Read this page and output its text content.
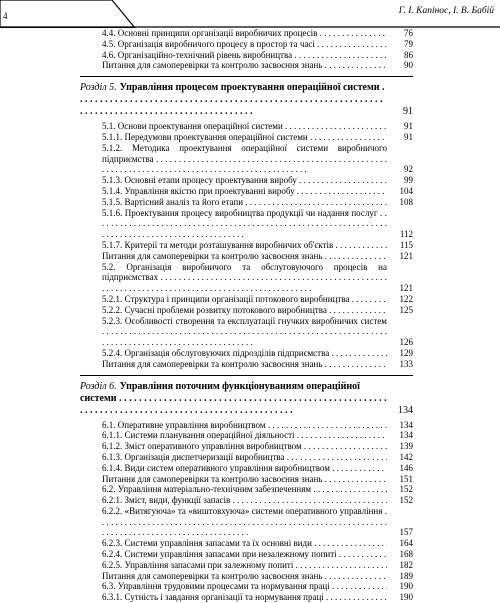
4	Г. І. Капінос, І. В. Бабій
4.4. Основні принципи організації виробничих процесів . . .	76
4.5. Організація виробничого процесу в простор та часі . . .	79
4.6. Організаційно-технічний рівень виробництва . . .	86
Питання для самоперевірки та контролю засвоєння знань . . .	90
Розділ 5. Управління процесом проектування операційної системи . . .
91
5.1. Основи проектування операційної системи . . .	91
5.1.1. Передумови проектування операційної системи . . .	91
5.1.2. Методика проектування операційної системи виробничого підприємства . . .
92
5.1.3. Основні етапи процесу проектування виробу . . .	99
5.1.4. Управління якістю при проектуванні виробу . . .	104
5.1.5. Вартісний аналіз та його етапи . . .	108
5.1.6. Проектування процесу виробництва продукції чи надання послуг . . .
112
5.1.7. Критерії та методи розташування виробничих об'єктів . . .	115
Питання для самоперевірки та контролю засвоєння знань . . .	121
5.2. Організація виробничого та обслуговуючого процесів на підприємствах . . .
121
5.2.1. Структура і принципи організації потокового виробництва . . .	122
5.2.2. Сучасні проблеми розвитку потокового виробництва . . .	125
5.2.3. Особливості створення та експлуатації гнучких виробничих систем . . .
126
5.2.4. Організація обслуговуючих підрозділів підприємства . . .	129
Питання для самоперевірки та контролю засвоєння знань . . .	133
Розділ 6. Управління поточним функціонуванням операційної системи . . .
134
6.1. Оперативне управління виробництвом . . .	134
6.1.1. Системи планування операційної діяльності . . .	134
6.1.2. Зміст оперативного управління виробництвом . . .	139
6.1.3. Організація диспетчеризації виробництва . . .	142
6.1.4. Види систем оперативного управління виробництвом . . .	146
Питання для самоперевірки та контролю засвоєння знань . . .	151
6.2. Управління матеріально-технічним забезпеченням . . .	152
6.2.1. Зміст, види, функції запасів . . .	152
6.2.2. «Витягуюча» та «виштовхуюча» системи оперативного управління . . .
157
6.2.3. Системи управління запасами та їх основні види . . .	164
6.2.4. Системи управління запасами при незалежному попиті . . .	168
6.2.5. Управління запасами при залежному попиті . . .	182
Питання для самоперевірки та контролю засвоєння знань . . .	189
6.3. Управління трудовими процесами та нормування праці . . .	190
6.3.1. Сутність і завдання організації та нормування праці . . .	190
